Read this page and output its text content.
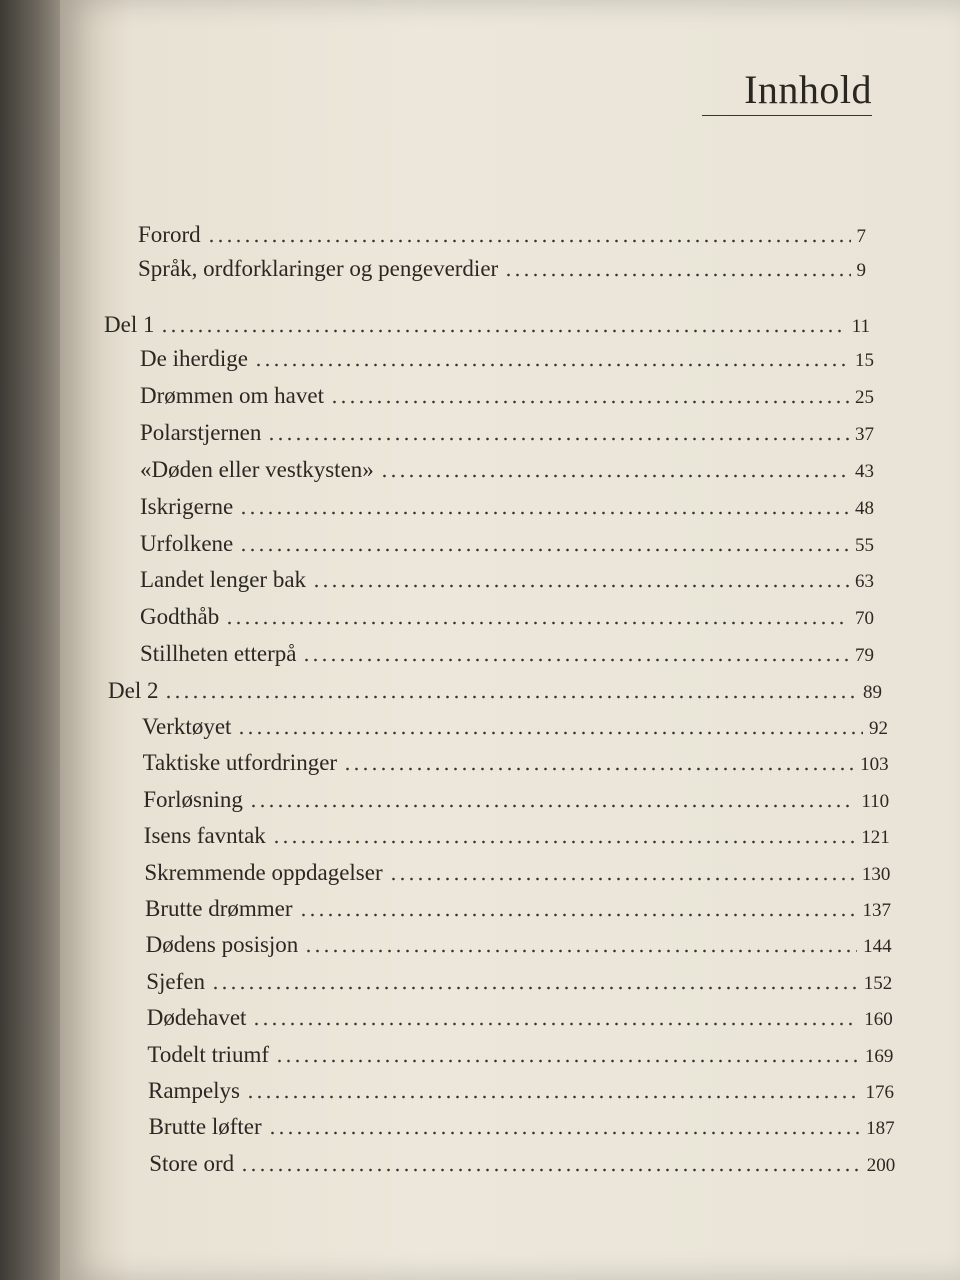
Innhold
Forord	7
Språk, ordforklaringer og pengeverdier	9
Del 1	11
De iherdige	15
Drømmen om havet	25
Polarstjernen	37
«Døden eller vestkysten»	43
Iskrigerne	48
Urfolkene	55
Landet lenger bak	63
Godthåb	70
Stillheten etterpå	79
Del 2	89
Verktøyet	92
Taktiske utfordringer	103
Forløsning	110
Isens favntak	121
Skremmende oppdagelser	130
Brutte drømmer	137
Dødens posisjon	144
Sjefen	152
Dødehavet	160
Todelt triumf	169
Rampelys	176
Brutte løfter	187
Store ord	200
